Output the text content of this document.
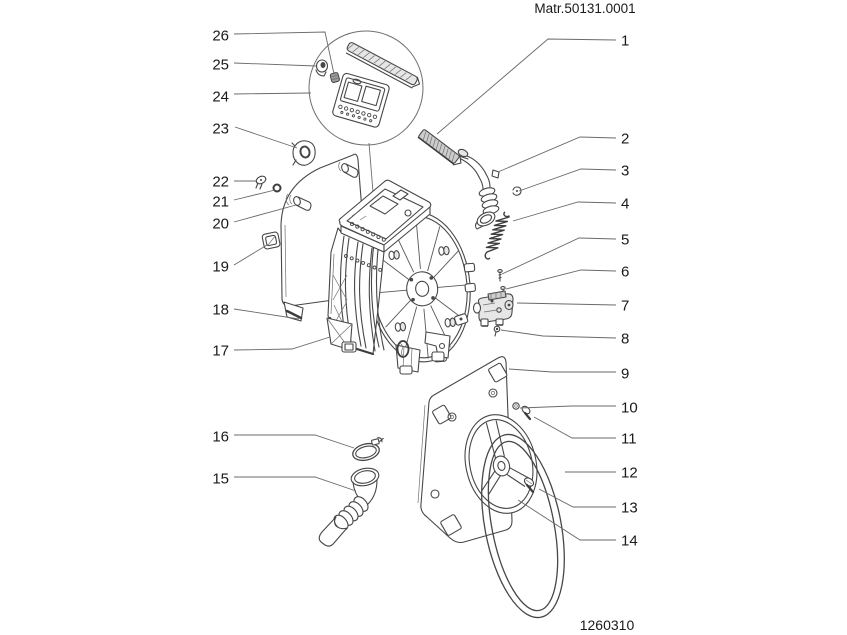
1
2
3
4
5
6
7
8
9
10
11
12
13
14
15
16
17
18
19
20
21
22
23
24
25
26
Matr.50131.0001
1260310
